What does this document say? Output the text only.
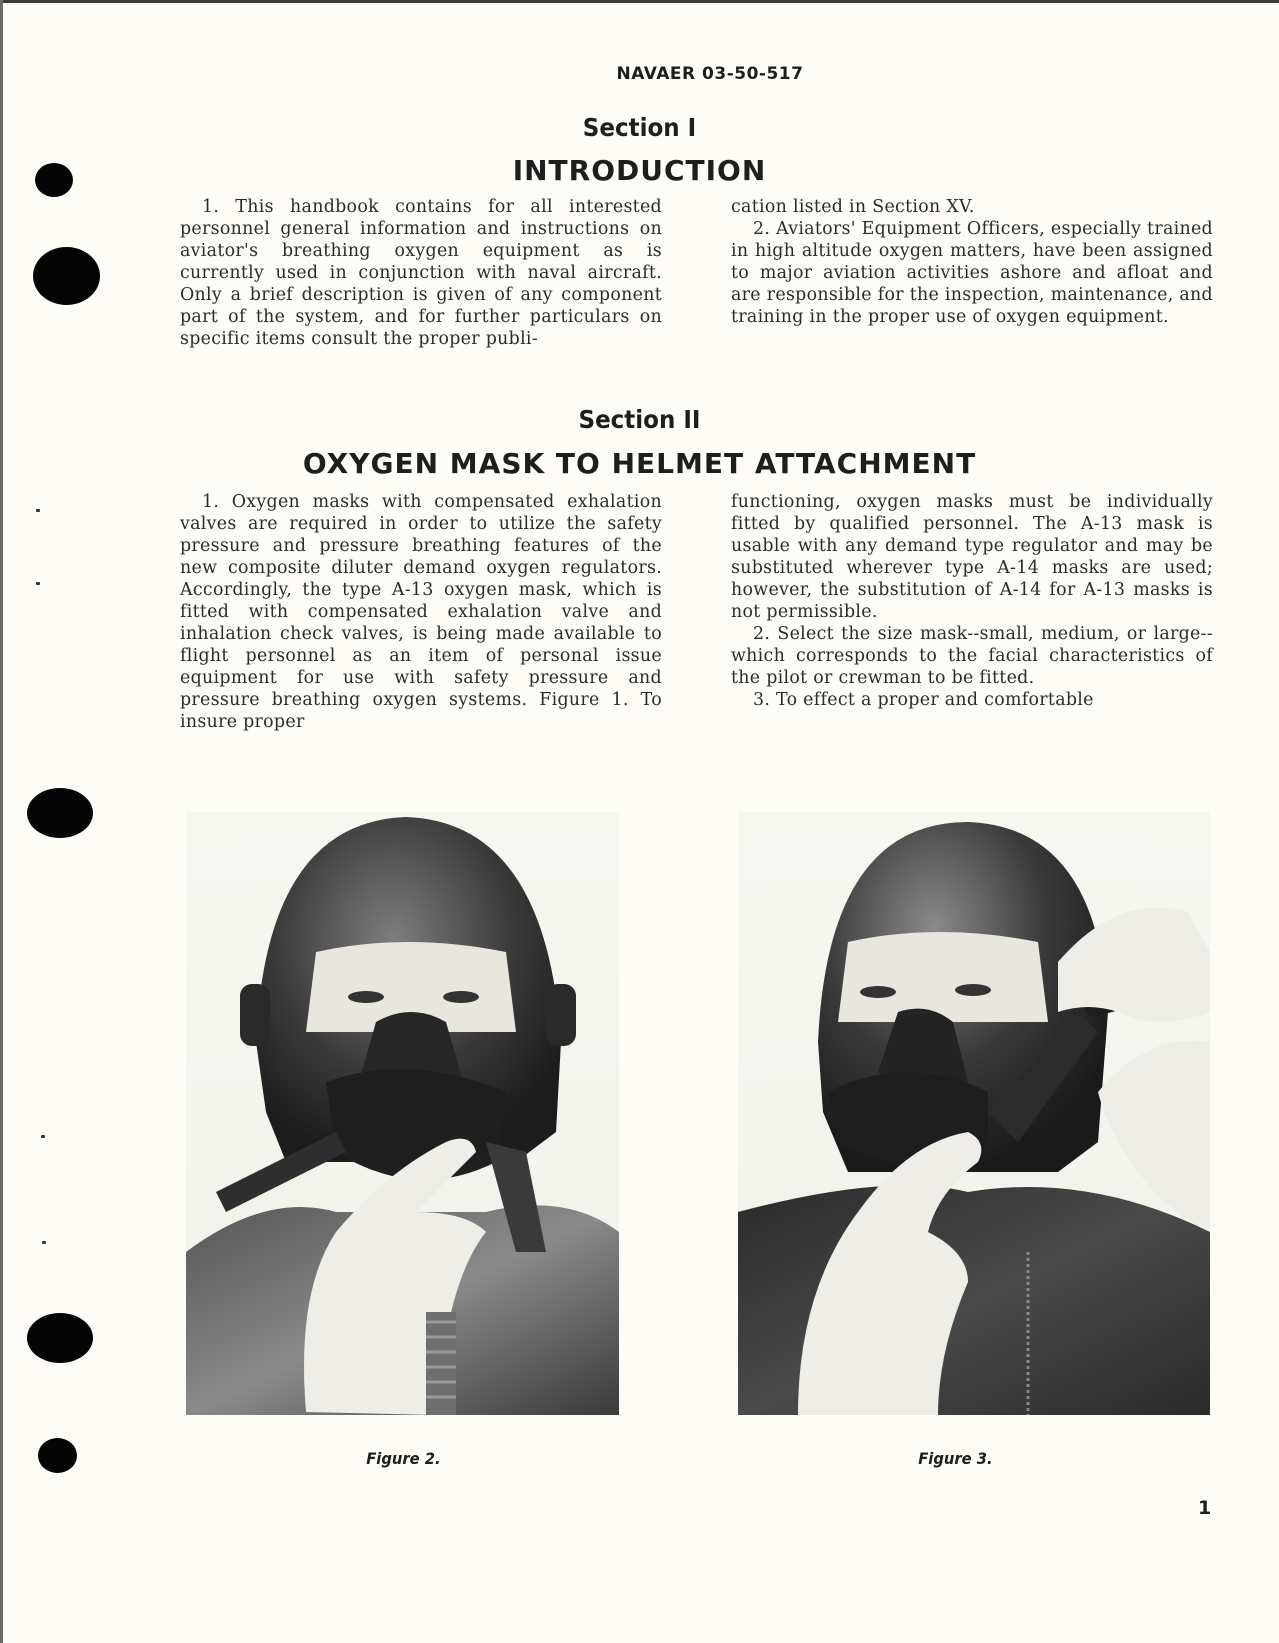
NAVAER 03-50-517
Section I
INTRODUCTION

1. This handbook contains for all interested personnel general information and instructions on aviator's breathing oxygen equipment as is currently used in conjunction with naval aircraft. Only a brief description is given of any component part of the system, and for further particulars on specific items consult the proper publi-

cation listed in Section XV.

2. Aviators' Equipment Officers, especially trained in high altitude oxygen matters, have been assigned to major aviation activities ashore and afloat and are responsible for the inspection, maintenance, and training in the proper use of oxygen equipment.

Section II
OXYGEN MASK TO HELMET ATTACHMENT

1. Oxygen masks with compensated exhalation valves are required in order to utilize the safety pressure and pressure breathing features of the new composite diluter demand oxygen regulators. Accordingly, the type A-13 oxygen mask, which is fitted with compensated exhalation valve and inhalation check valves, is being made available to flight personnel as an item of personal issue equipment for use with safety pressure and pressure breathing oxygen systems. Figure 1. To insure proper

functioning, oxygen masks must be individually fitted by qualified personnel. The A-13 mask is usable with any demand type regulator and may be substituted wherever type A-14 masks are used; however, the substitution of A-14 for A-13 masks is not permissible.

2. Select the size mask--small, medium, or large--which corresponds to the facial characteristics of the pilot or crewman to be fitted.

3. To effect a proper and comfortable

Figure 2.	Figure 3.
1
